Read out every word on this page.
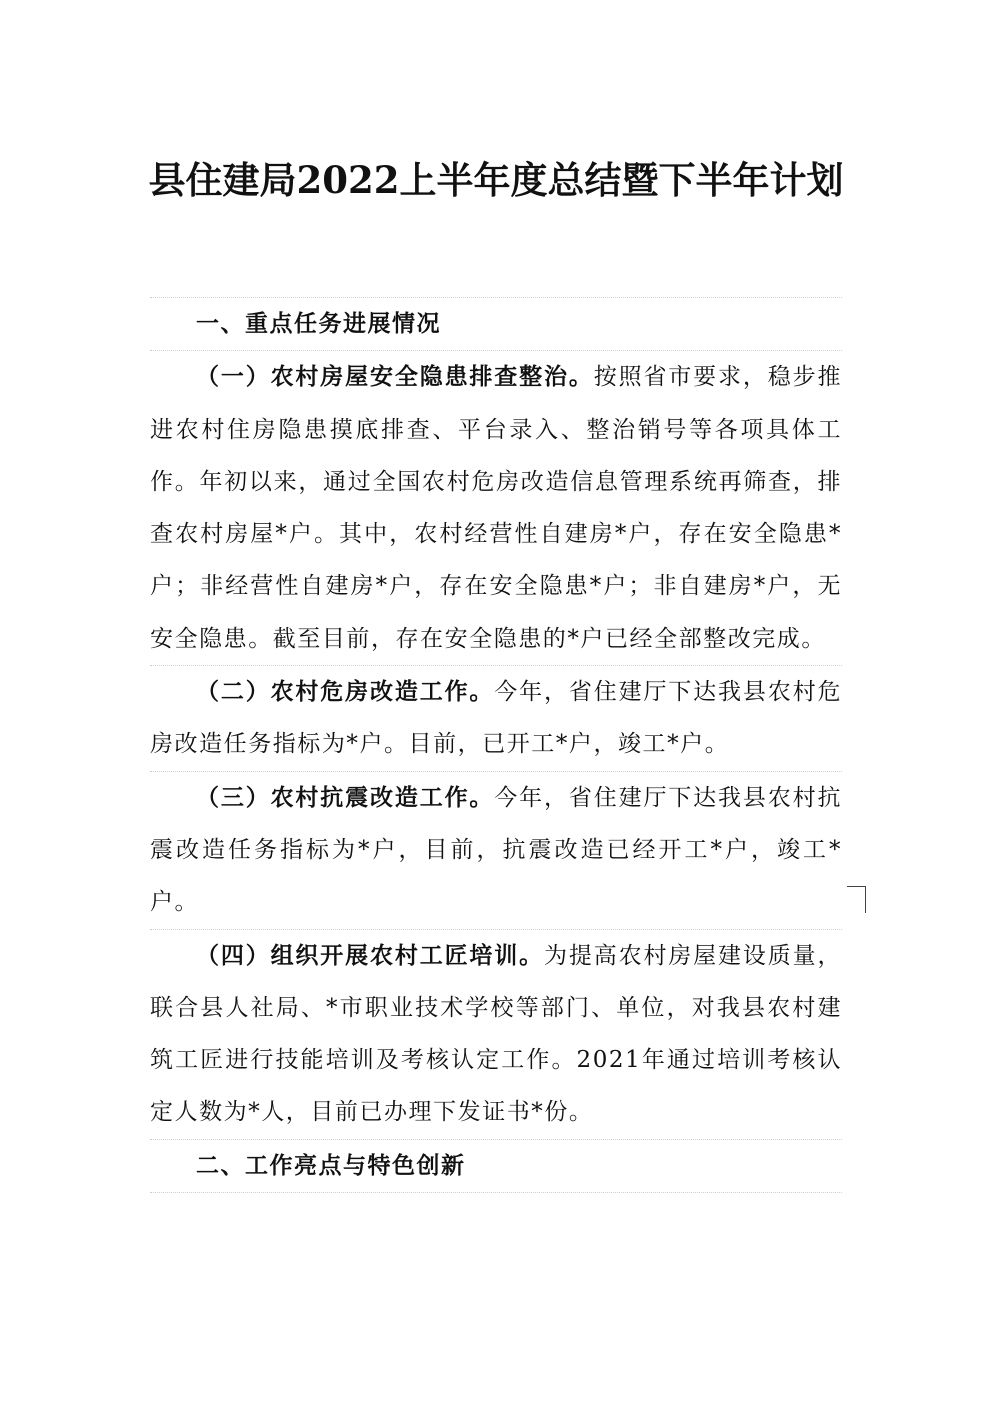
县住建局2022上半年度总结暨下半年计划

一、重点任务进展情况

（一）农村房屋安全隐患排查整治。按照省市要求，稳步推进农村住房隐患摸底排查、平台录入、整治销号等各项具体工作。年初以来，通过全国农村危房改造信息管理系统再筛查，排查农村房屋*户。其中，农村经营性自建房*户，存在安全隐患*户；非经营性自建房*户，存在安全隐患*户；非自建房*户，无安全隐患。截至目前，存在安全隐患的*户已经全部整改完成。

（二）农村危房改造工作。今年，省住建厅下达我县农村危房改造任务指标为*户。目前，已开工*户，竣工*户。

（三）农村抗震改造工作。今年，省住建厅下达我县农村抗震改造任务指标为*户，目前，抗震改造已经开工*户，竣工*户。

（四）组织开展农村工匠培训。为提高农村房屋建设质量，联合县人社局、*市职业技术学校等部门、单位，对我县农村建筑工匠进行技能培训及考核认定工作。2021年通过培训考核认定人数为*人，目前已办理下发证书*份。

二、工作亮点与特色创新
